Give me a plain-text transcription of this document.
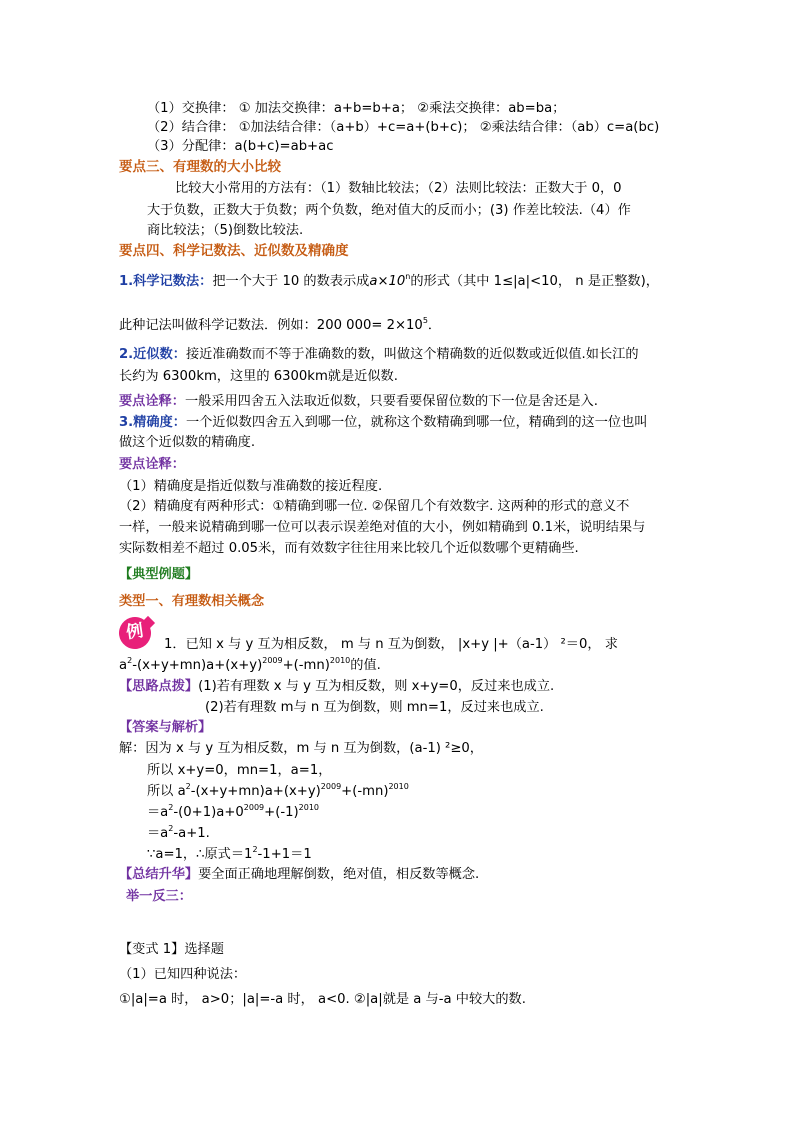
（1）交换律： ① 加法交换律：a+b=b+a； ②乘法交换律：ab=ba；
（2）结合律： ①加法结合律：（a+b）+c=a+(b+c)； ②乘法结合律：（ab）c=a(bc)
（3）分配律：a(b+c)=ab+ac
要点三、有理数的大小比较
比较大小常用的方法有：（1）数轴比较法；（2）法则比较法：正数大于 0，0
大于负数，正数大于负数；两个负数，绝对值大的反而小；(3) 作差比较法.（4）作
商比较法；（5)倒数比较法.
要点四、科学记数法、近似数及精确度
1.科学记数法：把一个大于 10 的数表示成$a\times 10^n$的形式（其中 1≤|a|<10， n 是正整数)，
此种记法叫做科学记数法．例如：200 $000= 2\times 10^5$．
2.近似数：接近准确数而不等于准确数的数，叫做这个精确数的近似数或近似值.如长江的
长约为 6300km，这里的 6300km就是近似数.
要点诠释：一般采用四舍五入法取近似数，只要看要保留位数的下一位是舍还是入.
3.精确度：一个近似数四舍五入到哪一位，就称这个数精确到哪一位，精确到的这一位也叫
做这个近似数的精确度.
要点诠释：
（1）精确度是指近似数与准确数的接近程度.
（2）精确度有两种形式：①精确到哪一位. ②保留几个有效数字. 这两种的形式的意义不
一样，一般来说精确到哪一位可以表示误差绝对值的大小，例如精确到 0.1米，说明结果与
实际数相差不超过 0.05米，而有效数字往往用来比较几个近似数哪个更精确些.
【典型例题】
类型一、有理数相关概念
例
1．已知 x 与 y 互为相反数， m 与 n 互为倒数， |x+y |+（a-1） ²＝0， 求
$a^2-(x+y+mn)a+(x+y)^{2009}+(-mn)^{2010}$的值.
【思路点拨】(1)若有理数 x 与 y 互为相反数，则 x+y=0，反过来也成立.
(2)若有理数 m与 n 互为倒数，则 mn=1，反过来也成立.
【答案与解析】
解：因为 x 与 y 互为相反数，m 与 n 互为倒数，(a-1) ²≥0，
所以 x+y=0，mn=1，a=1，
所以 $a^2-(x+y+mn)a+(x+y)^{2009}+(-mn)^{2010}$
$=a^2-(0+1)a+0^{2009}+(-1)^{2010}$
$=a^2-a+1$.
∵a=1，∴原式$=1^2-1+1=1$
【总结升华】要全面正确地理解倒数，绝对值，相反数等概念.
举一反三：
【变式 1】选择题
（1）已知四种说法：
①|a|=a 时， a>0；|a|=-a 时， a<0. ②|a|就是 a 与-a 中较大的数.
